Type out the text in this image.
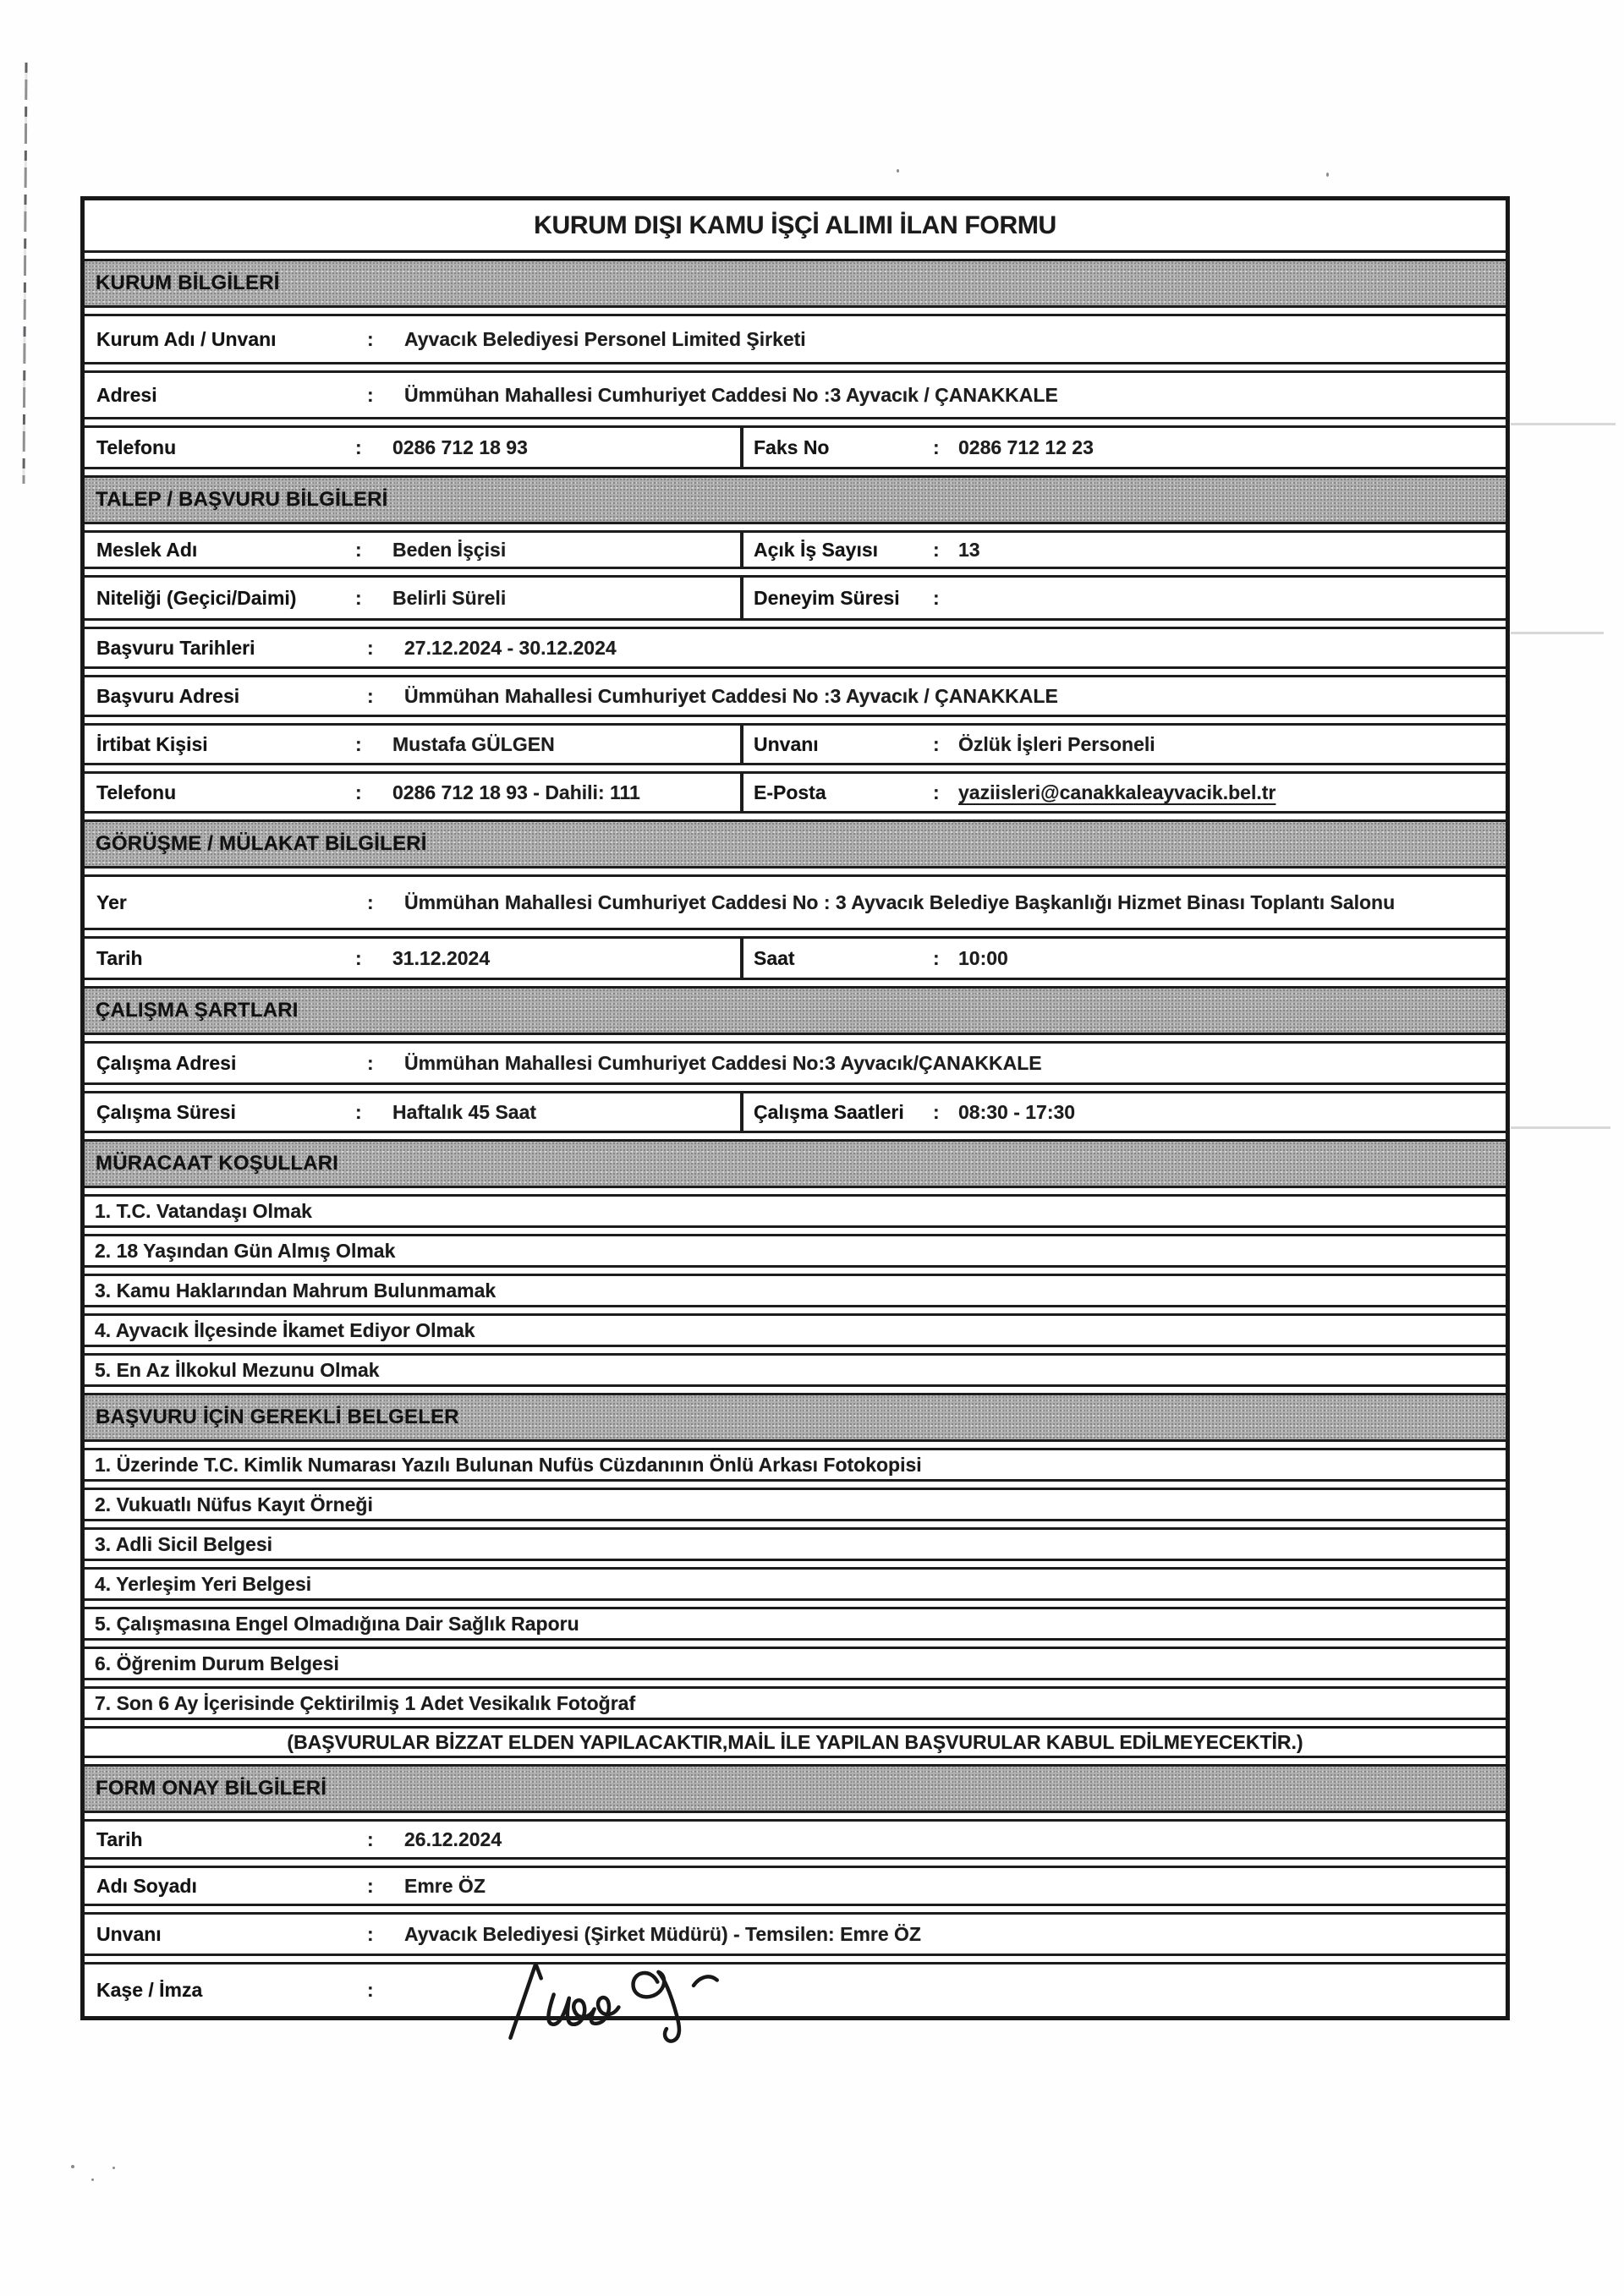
KURUM DIŞI KAMU İŞÇİ ALIMI İLAN FORMU
KURUM BİLGİLERİ
Kurum Adı / Unvanı	:	Ayvacık Belediyesi Personel Limited Şirketi
Adresi	:	Ümmühan Mahallesi Cumhuriyet Caddesi No :3 Ayvacık / ÇANAKKALE
Telefonu	:	0286 712 18 93	Faks No	: 0286 712 12 23
TALEP / BAŞVURU BİLGİLERİ
Meslek Adı	:	Beden İşçisi	Açık İş Sayısı	: 13
Niteliği (Geçici/Daimi)	:	Belirli Süreli	Deneyim Süresi	:
Başvuru Tarihleri	:	27.12.2024 - 30.12.2024
Başvuru Adresi	:	Ümmühan Mahallesi Cumhuriyet Caddesi No :3 Ayvacık / ÇANAKKALE
İrtibat Kişisi	:	Mustafa GÜLGEN	Unvanı	: Özlük İşleri Personeli
Telefonu	:	0286 712 18 93 - Dahili: 111	E-Posta	: yaziisleri@canakkaleayvacik.bel.tr
GÖRÜŞME / MÜLAKAT BİLGİLERİ
Yer	:	Ümmühan Mahallesi Cumhuriyet Caddesi No : 3 Ayvacık Belediye Başkanlığı Hizmet Binası Toplantı Salonu
Tarih	:	31.12.2024	Saat	: 10:00
ÇALIŞMA ŞARTLARI
Çalışma Adresi	:	Ümmühan Mahallesi Cumhuriyet Caddesi No:3 Ayvacık/ÇANAKKALE
Çalışma Süresi	:	Haftalık 45 Saat	Çalışma Saatleri	: 08:30 - 17:30
MÜRACAAT KOŞULLARI
1. T.C. Vatandaşı Olmak
2. 18 Yaşından Gün Almış Olmak
3. Kamu Haklarından Mahrum Bulunmamak
4. Ayvacık İlçesinde İkamet Ediyor Olmak
5. En Az İlkokul Mezunu Olmak
BAŞVURU İÇİN GEREKLİ BELGELER
1. Üzerinde T.C. Kimlik Numarası Yazılı Bulunan Nufüs Cüzdanının Önlü Arkası Fotokopisi
2. Vukuatlı Nüfus Kayıt Örneği
3. Adli Sicil Belgesi
4. Yerleşim Yeri Belgesi
5. Çalışmasına Engel Olmadığına Dair Sağlık Raporu
6. Öğrenim Durum Belgesi
7. Son 6 Ay İçerisinde Çektirilmiş 1 Adet Vesikalık Fotoğraf
(BAŞVURULAR BİZZAT ELDEN YAPILACAKTIR,MAİL İLE YAPILAN BAŞVURULAR KABUL EDİLMEYECEKTİR.)
FORM ONAY BİLGİLERİ
Tarih	:	26.12.2024
Adı Soyadı	:	Emre ÖZ
Unvanı	:	Ayvacık Belediyesi (Şirket Müdürü) - Temsilen: Emre ÖZ
Kaşe / İmza	:
